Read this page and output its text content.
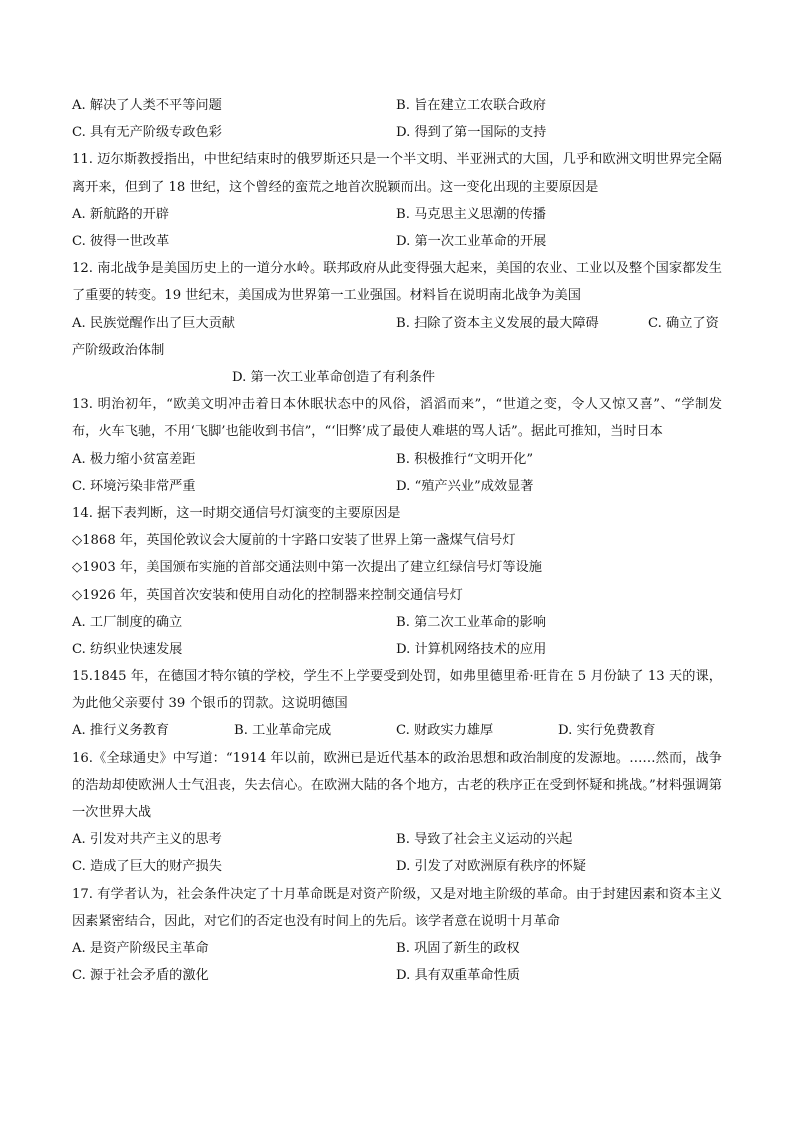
A. 解决了人类不平等问题	B. 旨在建立工农联合政府
C. 具有无产阶级专政色彩	D. 得到了第一国际的支持
11. 迈尔斯教授指出，中世纪结束时的俄罗斯还只是一个半文明、半亚洲式的大国，几乎和欧洲文明世界完全隔离开来，但到了 18 世纪，这个曾经的蛮荒之地首次脱颖而出。这一变化出现的主要原因是
A. 新航路的开辟	B. 马克思主义思潮的传播
C. 彼得一世改革	D. 第一次工业革命的开展
12. 南北战争是美国历史上的一道分水岭。联邦政府从此变得强大起来，美国的农业、工业以及整个国家都发生了重要的转变。19 世纪末，美国成为世界第一工业强国。材料旨在说明南北战争为美国
A. 民族觉醒作出了巨大贡献	B. 扫除了资本主义发展的最大障碍	C. 确立了资产阶级政治体制
D. 第一次工业革命创造了有利条件
13. 明治初年，“欧美文明冲击着日本休眠状态中的风俗，滔滔而来”，“世道之变，令人又惊又喜”、“学制发布，火车飞驰，不用‘飞脚’也能收到书信”，“‘旧弊’成了最使人难堪的骂人话”。据此可推知，当时日本
A. 极力缩小贫富差距	B. 积极推行“文明开化”
C. 环境污染非常严重	D. “殖产兴业”成效显著
14. 据下表判断，这一时期交通信号灯演变的主要原因是
◇1868 年，英国伦敦议会大厦前的十字路口安装了世界上第一盏煤气信号灯
◇1903 年，美国颁布实施的首部交通法则中第一次提出了建立红绿信号灯等设施
◇1926 年，英国首次安装和使用自动化的控制器来控制交通信号灯
A. 工厂制度的确立	B. 第二次工业革命的影响
C. 纺织业快速发展	D. 计算机网络技术的应用
15.1845 年，在德国才特尔镇的学校，学生不上学要受到处罚，如弗里德里希·旺肯在 5 月份缺了 13 天的课，为此他父亲要付 39 个银币的罚款。这说明德国
A. 推行义务教育	B. 工业革命完成	C. 财政实力雄厚	D. 实行免费教育
16.《全球通史》中写道：“1914 年以前，欧洲已是近代基本的政治思想和政治制度的发源地。……然而，战争的浩劫却使欧洲人士气沮丧，失去信心。在欧洲大陆的各个地方，古老的秩序正在受到怀疑和挑战。”材料强调第一次世界大战
A. 引发对共产主义的思考	B. 导致了社会主义运动的兴起
C. 造成了巨大的财产损失	D. 引发了对欧洲原有秩序的怀疑
17. 有学者认为，社会条件决定了十月革命既是对资产阶级，又是对地主阶级的革命。由于封建因素和资本主义因素紧密结合，因此，对它们的否定也没有时间上的先后。该学者意在说明十月革命
A. 是资产阶级民主革命	B. 巩固了新生的政权
C. 源于社会矛盾的激化	D. 具有双重革命性质
